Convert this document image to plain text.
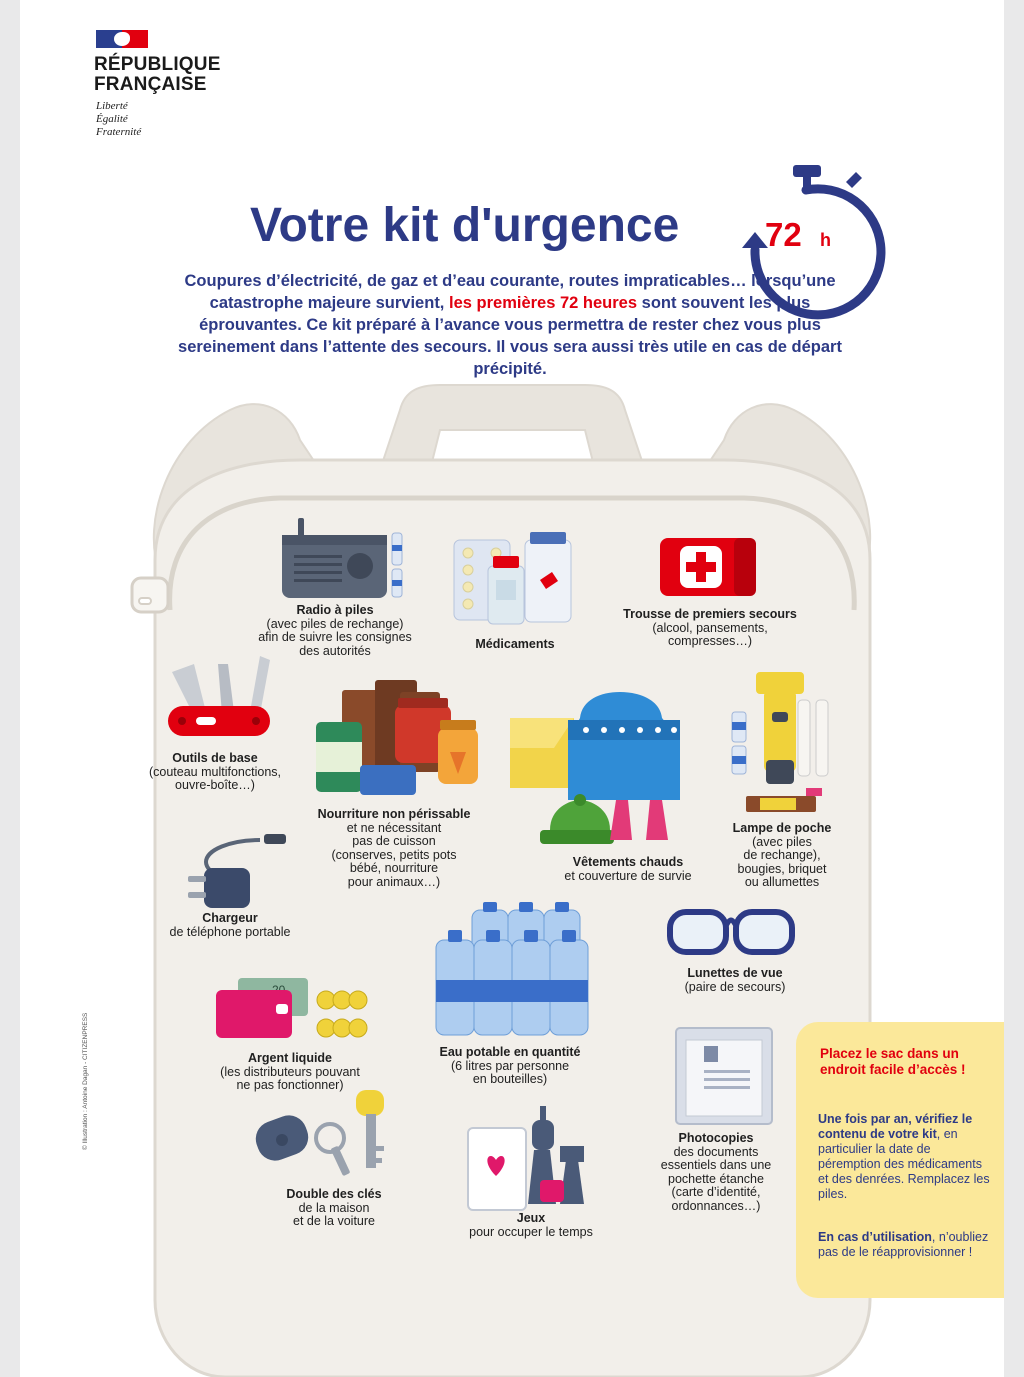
RÉPUBLIQUE
FRANÇAISE
Liberté
Égalité
Fraternité
Votre kit d'urgence	72 h
Coupures d’électricité, de gaz et d’eau courante, routes impraticables… lorsqu’une catastrophe majeure survient, les premières 72 heures sont souvent les plus éprouvantes. Ce kit préparé à l’avance vous permettra de rester chez vous plus sereinement dans l’attente des secours. Il vous sera aussi très utile en cas de départ précipité.
Radio à piles
(avec piles de rechange)
afin de suivre les consignes
des autorités	Médicaments
Trousse de premiers secours
(alcool, pansements,
compresses…)
Outils de base
(couteau multifonctions,
ouvre-boîte…)
Nourriture non périssable
et ne nécessitant
pas de cuisson
(conserves, petits pots
bébé, nourriture
pour animaux…)
Vêtements chauds
et couverture de survie
Lampe de poche
(avec piles
de rechange),
bougies, briquet
ou allumettes
Chargeur
de téléphone portable
Eau potable en quantité
(6 litres par personne
en bouteilles)
Lunettes de vue
(paire de secours)
Argent liquide
(les distributeurs pouvant
ne pas fonctionner)
Photocopies
des documents
essentiels dans une
pochette étanche
(carte d’identité,
ordonnances…)
Double des clés
de la maison
et de la voiture	Jeux
pour occuper le temps
Placez le sac dans un endroit facile d’accès !
Une fois par an, vérifiez le contenu de votre kit, en particulier la date de péremption des médicaments et des denrées. Remplacez les piles.
En cas d’utilisation, n’oubliez pas de le réapprovisionner !
© Illustration : Antoine Dagan - CITIZENPRESS
